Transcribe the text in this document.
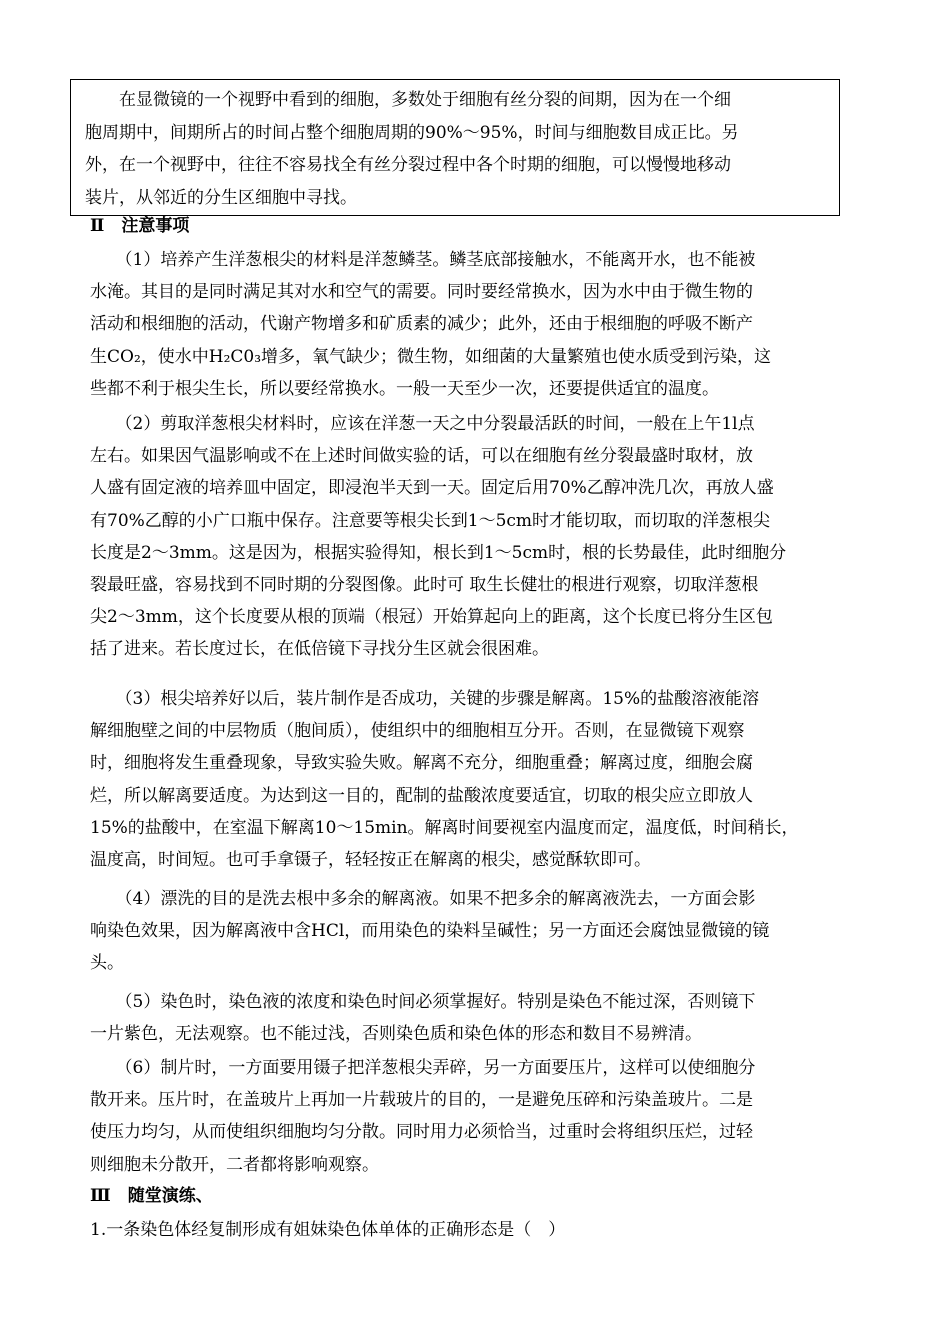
　　在显微镜的一个视野中看到的细胞，多数处于细胞有丝分裂的间期，因为在一个细
胞周期中，间期所占的时间占整个细胞周期的90%～95%，时间与细胞数目成正比。另
外，在一个视野中，往往不容易找全有丝分裂过程中各个时期的细胞，可以慢慢地移动
装片，从邻近的分生区细胞中寻找。
Ⅱ　注意事项
　　（1）培养产生洋葱根尖的材料是洋葱鳞茎。鳞茎底部接触水，不能离开水，也不能被
水淹。其目的是同时满足其对水和空气的需要。同时要经常换水，因为水中由于微生物的
活动和根细胞的活动，代谢产物增多和矿质素的减少；此外，还由于根细胞的呼吸不断产
生CO₂，使水中H₂C0₃增多，氧气缺少；微生物，如细菌的大量繁殖也使水质受到污染，这
些都不利于根尖生长，所以要经常换水。一般一天至少一次，还要提供适宜的温度。
　　（2）剪取洋葱根尖材料时，应该在洋葱一天之中分裂最活跃的时间，一般在上午1l点
左右。如果因气温影响或不在上述时间做实验的话，可以在细胞有丝分裂最盛时取材，放
人盛有固定液的培养皿中固定，即浸泡半天到一天。固定后用70%乙醇冲洗几次，再放人盛
有70%乙醇的小广口瓶中保存。注意要等根尖长到1～5cm时才能切取，而切取的洋葱根尖
长度是2～3mm。这是因为，根据实验得知，根长到1～5cm时，根的长势最佳，此时细胞分
裂最旺盛，容易找到不同时期的分裂图像。此时可 取生长健壮的根进行观察，切取洋葱根
尖2～3mm，这个长度要从根的顶端（根冠）开始算起向上的距离，这个长度已将分生区包
括了进来。若长度过长，在低倍镜下寻找分生区就会很困难。
　　（3）根尖培养好以后，装片制作是否成功，关键的步骤是解离。15%的盐酸溶液能溶
解细胞壁之间的中层物质（胞间质），使组织中的细胞相互分开。否则，在显微镜下观察
时，细胞将发生重叠现象，导致实验失败。解离不充分，细胞重叠；解离过度，细胞会腐
烂，所以解离要适度。为达到这一目的，配制的盐酸浓度要适宜，切取的根尖应立即放人
15%的盐酸中，在室温下解离10～15min。解离时间要视室内温度而定，温度低，时间稍长，
温度高，时间短。也可手拿镊子，轻轻按正在解离的根尖，感觉酥软即可。
　　（4）漂洗的目的是洗去根中多余的解离液。如果不把多余的解离液洗去，一方面会影
响染色效果，因为解离液中含HCl，而用染色的染料呈碱性；另一方面还会腐蚀显微镜的镜
头。
　　（5）染色时，染色液的浓度和染色时间必须掌握好。特别是染色不能过深，否则镜下
一片紫色，无法观察。也不能过浅，否则染色质和染色体的形态和数目不易辨清。
　　（6）制片时，一方面要用镊子把洋葱根尖弄碎，另一方面要压片，这样可以使细胞分
散开来。压片时，在盖玻片上再加一片载玻片的目的，一是避免压碎和污染盖玻片。二是
使压力均匀，从而使组织细胞均匀分散。同时用力必须恰当，过重时会将组织压烂，过轻
则细胞未分散开，二者都将影响观察。
Ⅲ　随堂演练、
1.一条染色体经复制形成有姐妹染色体单体的正确形态是（　）
